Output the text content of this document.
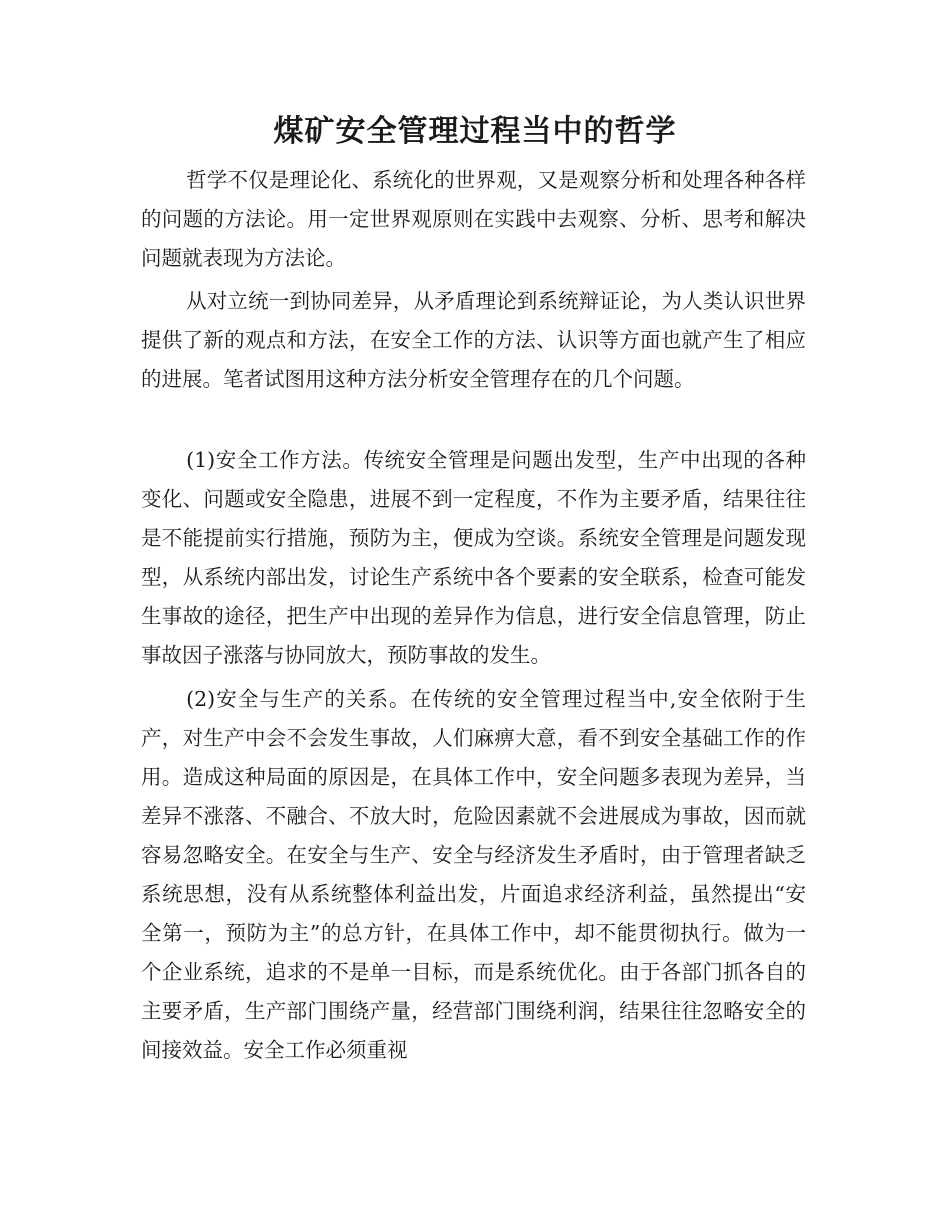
煤矿安全管理过程当中的哲学

哲学不仅是理论化、系统化的世界观，又是观察分析和处理各种各样的问题的方法论。用一定世界观原则在实践中去观察、分析、思考和解决问题就表现为方法论。

从对立统一到协同差异，从矛盾理论到系统辩证论，为人类认识世界提供了新的观点和方法，在安全工作的方法、认识等方面也就产生了相应的进展。笔者试图用这种方法分析安全管理存在的几个问题。

(1)安全工作方法。传统安全管理是问题出发型，生产中出现的各种变化、问题或安全隐患，进展不到一定程度，不作为主要矛盾，结果往往是不能提前实行措施，预防为主，便成为空谈。系统安全管理是问题发现型，从系统内部出发，讨论生产系统中各个要素的安全联系，检查可能发生事故的途径，把生产中出现的差异作为信息，进行安全信息管理，防止事故因子涨落与协同放大，预防事故的发生。

(2)安全与生产的关系。在传统的安全管理过程当中,安全依附于生产，对生产中会不会发生事故，人们麻痹大意，看不到安全基础工作的作用。造成这种局面的原因是，在具体工作中，安全问题多表现为差异，当差异不涨落、不融合、不放大时，危险因素就不会进展成为事故，因而就容易忽略安全。在安全与生产、安全与经济发生矛盾时，由于管理者缺乏系统思想，没有从系统整体利益出发，片面追求经济利益，虽然提出“安全第一，预防为主”的总方针，在具体工作中，却不能贯彻执行。做为一个企业系统，追求的不是单一目标，而是系统优化。由于各部门抓各自的主要矛盾，生产部门围绕产量，经营部门围绕利润，结果往往忽略安全的间接效益。安全工作必须重视
